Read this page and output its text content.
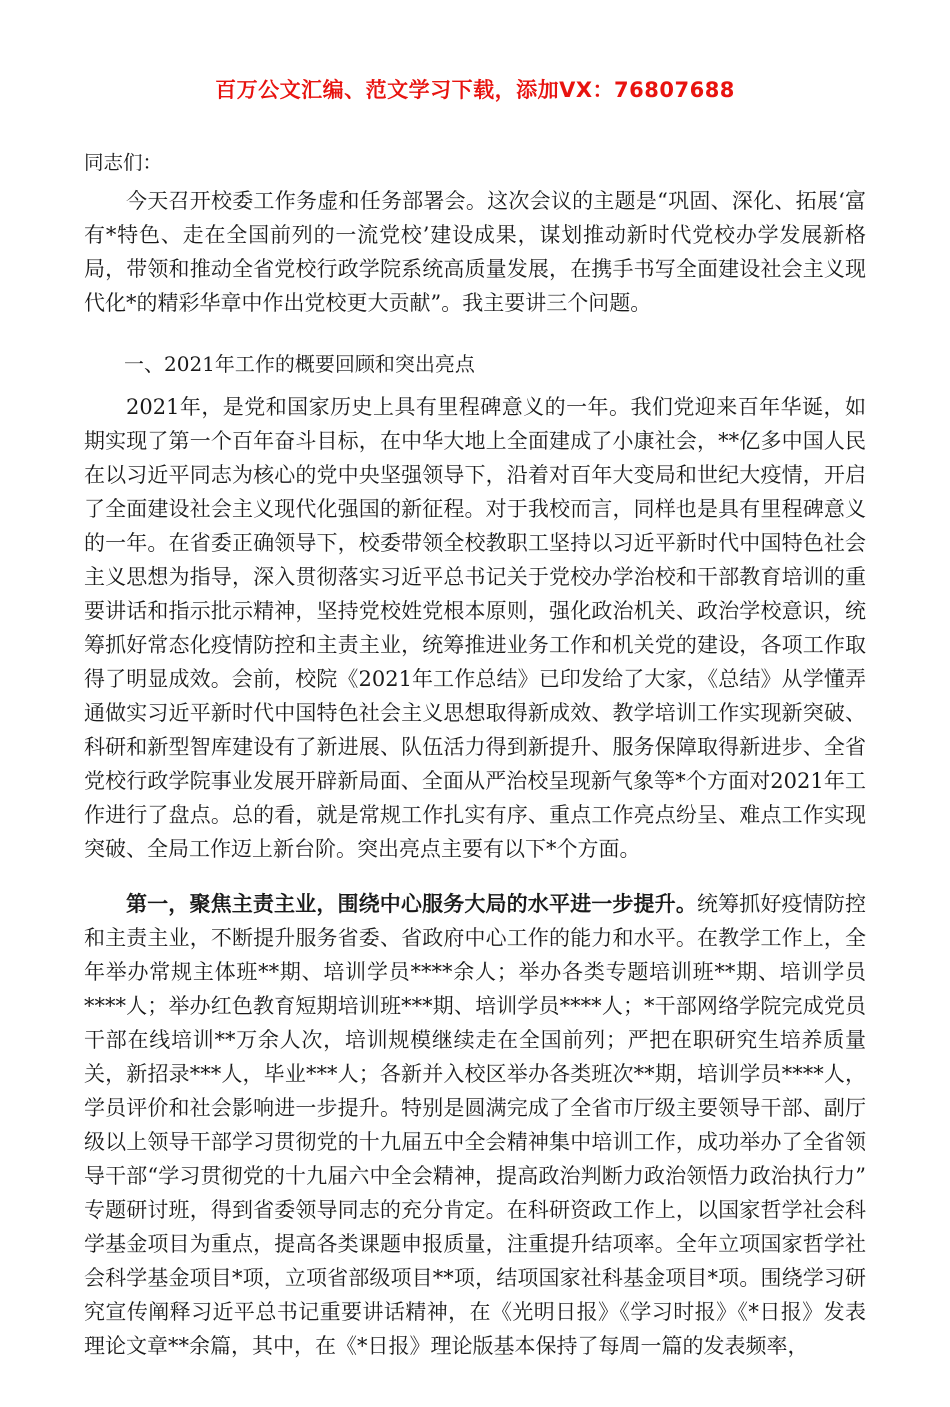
百万公文汇编、范文学习下载，添加VX：76807688
同志们：

今天召开校委工作务虚和任务部署会。这次会议的主题是“巩固、深化、拓展‘富有*特色、走在全国前列的一流党校’建设成果，谋划推动新时代党校办学发展新格局，带领和推动全省党校行政学院系统高质量发展，在携手书写全面建设社会主义现代化*的精彩华章中作出党校更大贡献”。我主要讲三个问题。

一、2021年工作的概要回顾和突出亮点

2021年，是党和国家历史上具有里程碑意义的一年。我们党迎来百年华诞，如期实现了第一个百年奋斗目标，在中华大地上全面建成了小康社会，**亿多中国人民在以习近平同志为核心的党中央坚强领导下，沿着对百年大变局和世纪大疫情，开启了全面建设社会主义现代化强国的新征程。对于我校而言，同样也是具有里程碑意义的一年。在省委正确领导下，校委带领全校教职工坚持以习近平新时代中国特色社会主义思想为指导，深入贯彻落实习近平总书记关于党校办学治校和干部教育培训的重要讲话和指示批示精神，坚持党校姓党根本原则，强化政治机关、政治学校意识，统筹抓好常态化疫情防控和主责主业，统筹推进业务工作和机关党的建设，各项工作取得了明显成效。会前，校院《2021年工作总结》已印发给了大家，《总结》从学懂弄通做实习近平新时代中国特色社会主义思想取得新成效、教学培训工作实现新突破、科研和新型智库建设有了新进展、队伍活力得到新提升、服务保障取得新进步、全省党校行政学院事业发展开辟新局面、全面从严治校呈现新气象等*个方面对2021年工作进行了盘点。总的看，就是常规工作扎实有序、重点工作亮点纷呈、难点工作实现突破、全局工作迈上新台阶。突出亮点主要有以下*个方面。

第一，聚焦主责主业，围绕中心服务大局的水平进一步提升。统筹抓好疫情防控和主责主业，不断提升服务省委、省政府中心工作的能力和水平。在教学工作上，全年举办常规主体班**期、培训学员****余人；举办各类专题培训班**期、培训学员****人；举办红色教育短期培训班***期、培训学员****人；*干部网络学院完成党员干部在线培训**万余人次，培训规模继续走在全国前列；严把在职研究生培养质量关，新招录***人，毕业***人；各新并入校区举办各类班次**期，培训学员****人，学员评价和社会影响进一步提升。特别是圆满完成了全省市厅级主要领导干部、副厅级以上领导干部学习贯彻党的十九届五中全会精神集中培训工作，成功举办了全省领导干部“学习贯彻党的十九届六中全会精神，提高政治判断力政治领悟力政治执行力”专题研讨班，得到省委领导同志的充分肯定。在科研资政工作上，以国家哲学社会科学基金项目为重点，提高各类课题申报质量，注重提升结项率。全年立项国家哲学社会科学基金项目*项，立项省部级项目**项，结项国家社科基金项目*项。围绕学习研究宣传阐释习近平总书记重要讲话精神，在《光明日报》《学习时报》《*日报》发表理论文章**余篇，其中，在《*日报》理论版基本保持了每周一篇的发表频率，
